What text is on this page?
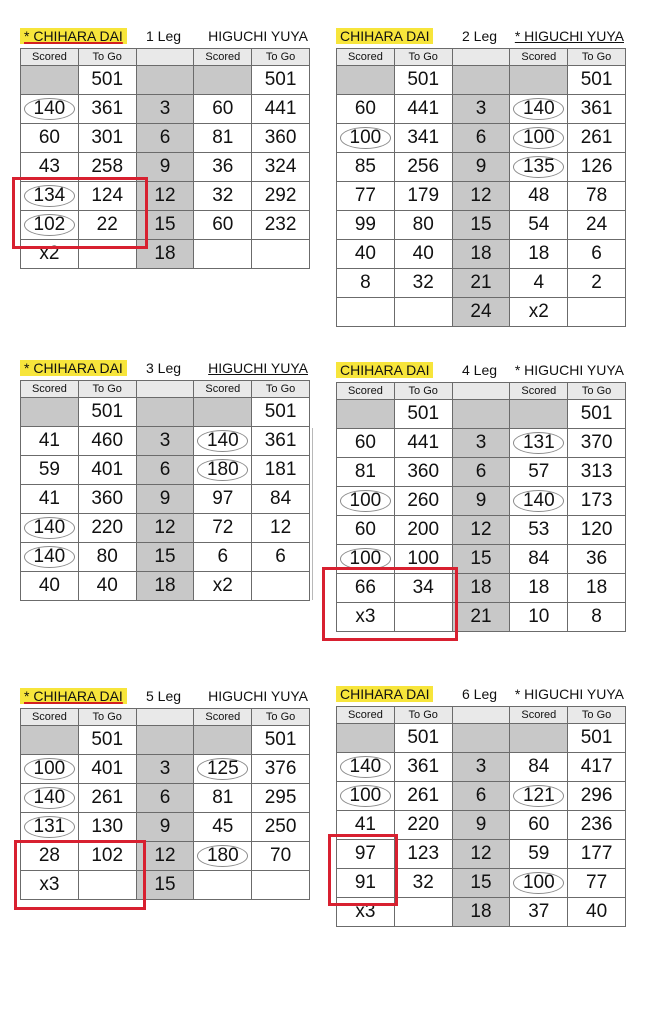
* CHIHARA DAI 1 Leg HIGUCHI YUYA
Scored	To Go		Scored	To Go
	501			501
140	361	3	60	441
60	301	6	81	360
43	258	9	36	324
134	124	12	32	292
102	22	15	60	232
x2		18		
CHIHARA DAI 2 Leg * HIGUCHI YUYA
Scored	To Go		Scored	To Go
	501			501
60	441	3	140	361
100	341	6	100	261
85	256	9	135	126
77	179	12	48	78
99	80	15	54	24
40	40	18	18	6
8	32	21	4	2
		24	x2	
* CHIHARA DAI 3 Leg HIGUCHI YUYA
Scored	To Go		Scored	To Go
	501			501
41	460	3	140	361
59	401	6	180	181
41	360	9	97	84
140	220	12	72	12
140	80	15	6	6
40	40	18	x2	
CHIHARA DAI 4 Leg * HIGUCHI YUYA
Scored	To Go		Scored	To Go
	501			501
60	441	3	131	370
81	360	6	57	313
100	260	9	140	173
60	200	12	53	120
100	100	15	84	36
66	34	18	18	18
x3		21	10	8
* CHIHARA DAI 5 Leg HIGUCHI YUYA
Scored	To Go		Scored	To Go
	501			501
100	401	3	125	376
140	261	6	81	295
131	130	9	45	250
28	102	12	180	70
x3		15		
CHIHARA DAI 6 Leg * HIGUCHI YUYA
Scored	To Go		Scored	To Go
	501			501
140	361	3	84	417
100	261	6	121	296
41	220	9	60	236
97	123	12	59	177
91	32	15	100	77
x3		18	37	40
